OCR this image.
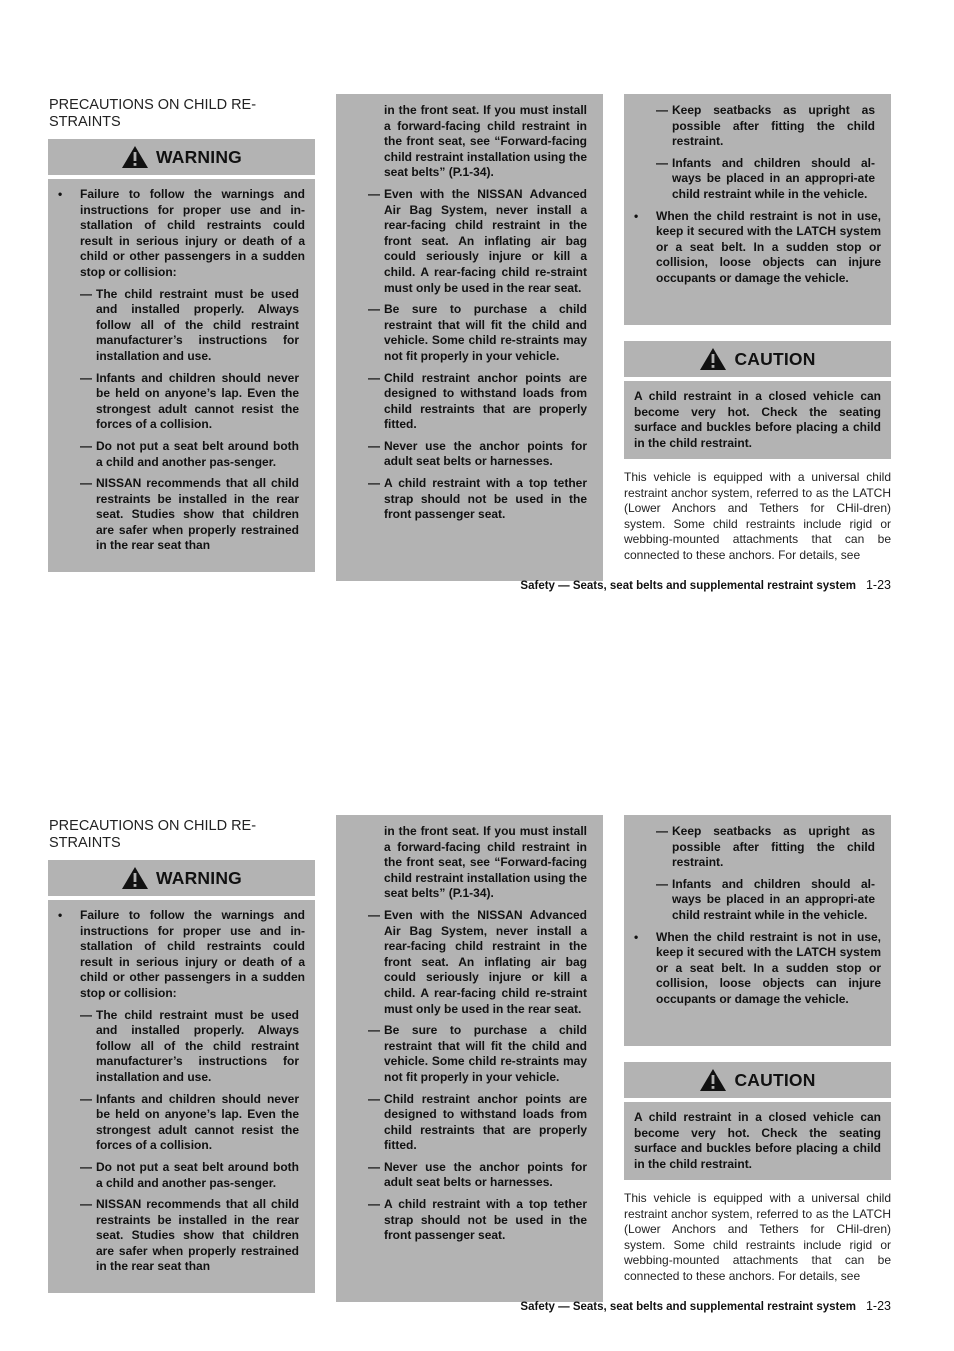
PRECAUTIONS ON CHILD RE-
STRAINTS
WARNING
• Failure to follow the warnings and instructions for proper use and in-stallation of child restraints could result in serious injury or death of a child or other passengers in a sudden stop or collision:
— The child restraint must be used and installed properly. Always follow all of the child restraint manufacturer’s instructions for installation and use.
— Infants and children should never be held on anyone’s lap. Even the strongest adult cannot resist the forces of a collision.
— Do not put a seat belt around both a child and another pas-senger.
— NISSAN recommends that all child restraints be installed in the rear seat. Studies show that children are safer when properly restrained in the rear seat than
in the front seat. If you must install a forward-facing child restraint in the front seat, see “Forward-facing child restraint installation using the seat belts” (P.1-34).
— Even with the NISSAN Advanced Air Bag System, never install a rear-facing child restraint in the front seat. An inflating air bag could seriously injure or kill a child. A rear-facing child re-straint must only be used in the rear seat.
— Be sure to purchase a child restraint that will fit the child and vehicle. Some child re-straints may not fit properly in your vehicle.
— Child restraint anchor points are designed to withstand loads from child restraints that are properly fitted.
— Never use the anchor points for adult seat belts or harnesses.
— A child restraint with a top tether strap should not be used in the front passenger seat.
— Keep seatbacks as upright as possible after fitting the child restraint.
— Infants and children should al-ways be placed in an appropri-ate child restraint while in the vehicle.
• When the child restraint is not in use, keep it secured with the LATCH system or a seat belt. In a sudden stop or collision, loose objects can injure occupants or damage the vehicle.
CAUTION
A child restraint in a closed vehicle can become very hot. Check the seating surface and buckles before placing a child in the child restraint.
This vehicle is equipped with a universal child restraint anchor system, referred to as the LATCH (Lower Anchors and Tethers for CHil-dren) system. Some child restraints include rigid or webbing-mounted attachments that can be connected to these anchors. For details, see
Safety — Seats, seat belts and supplemental restraint system 1-23
PRECAUTIONS ON CHILD RE-
STRAINTS
WARNING
• Failure to follow the warnings and instructions for proper use and in-stallation of child restraints could result in serious injury or death of a child or other passengers in a sudden stop or collision:
— The child restraint must be used and installed properly. Always follow all of the child restraint manufacturer’s instructions for installation and use.
— Infants and children should never be held on anyone’s lap. Even the strongest adult cannot resist the forces of a collision.
— Do not put a seat belt around both a child and another pas-senger.
— NISSAN recommends that all child restraints be installed in the rear seat. Studies show that children are safer when properly restrained in the rear seat than
in the front seat. If you must install a forward-facing child restraint in the front seat, see “Forward-facing child restraint installation using the seat belts” (P.1-34).
— Even with the NISSAN Advanced Air Bag System, never install a rear-facing child restraint in the front seat. An inflating air bag could seriously injure or kill a child. A rear-facing child re-straint must only be used in the rear seat.
— Be sure to purchase a child restraint that will fit the child and vehicle. Some child re-straints may not fit properly in your vehicle.
— Child restraint anchor points are designed to withstand loads from child restraints that are properly fitted.
— Never use the anchor points for adult seat belts or harnesses.
— A child restraint with a top tether strap should not be used in the front passenger seat.
— Keep seatbacks as upright as possible after fitting the child restraint.
— Infants and children should al-ways be placed in an appropri-ate child restraint while in the vehicle.
• When the child restraint is not in use, keep it secured with the LATCH system or a seat belt. In a sudden stop or collision, loose objects can injure occupants or damage the vehicle.
CAUTION
A child restraint in a closed vehicle can become very hot. Check the seating surface and buckles before placing a child in the child restraint.
This vehicle is equipped with a universal child restraint anchor system, referred to as the LATCH (Lower Anchors and Tethers for CHil-dren) system. Some child restraints include rigid or webbing-mounted attachments that can be connected to these anchors. For details, see
Safety — Seats, seat belts and supplemental restraint system 1-23
